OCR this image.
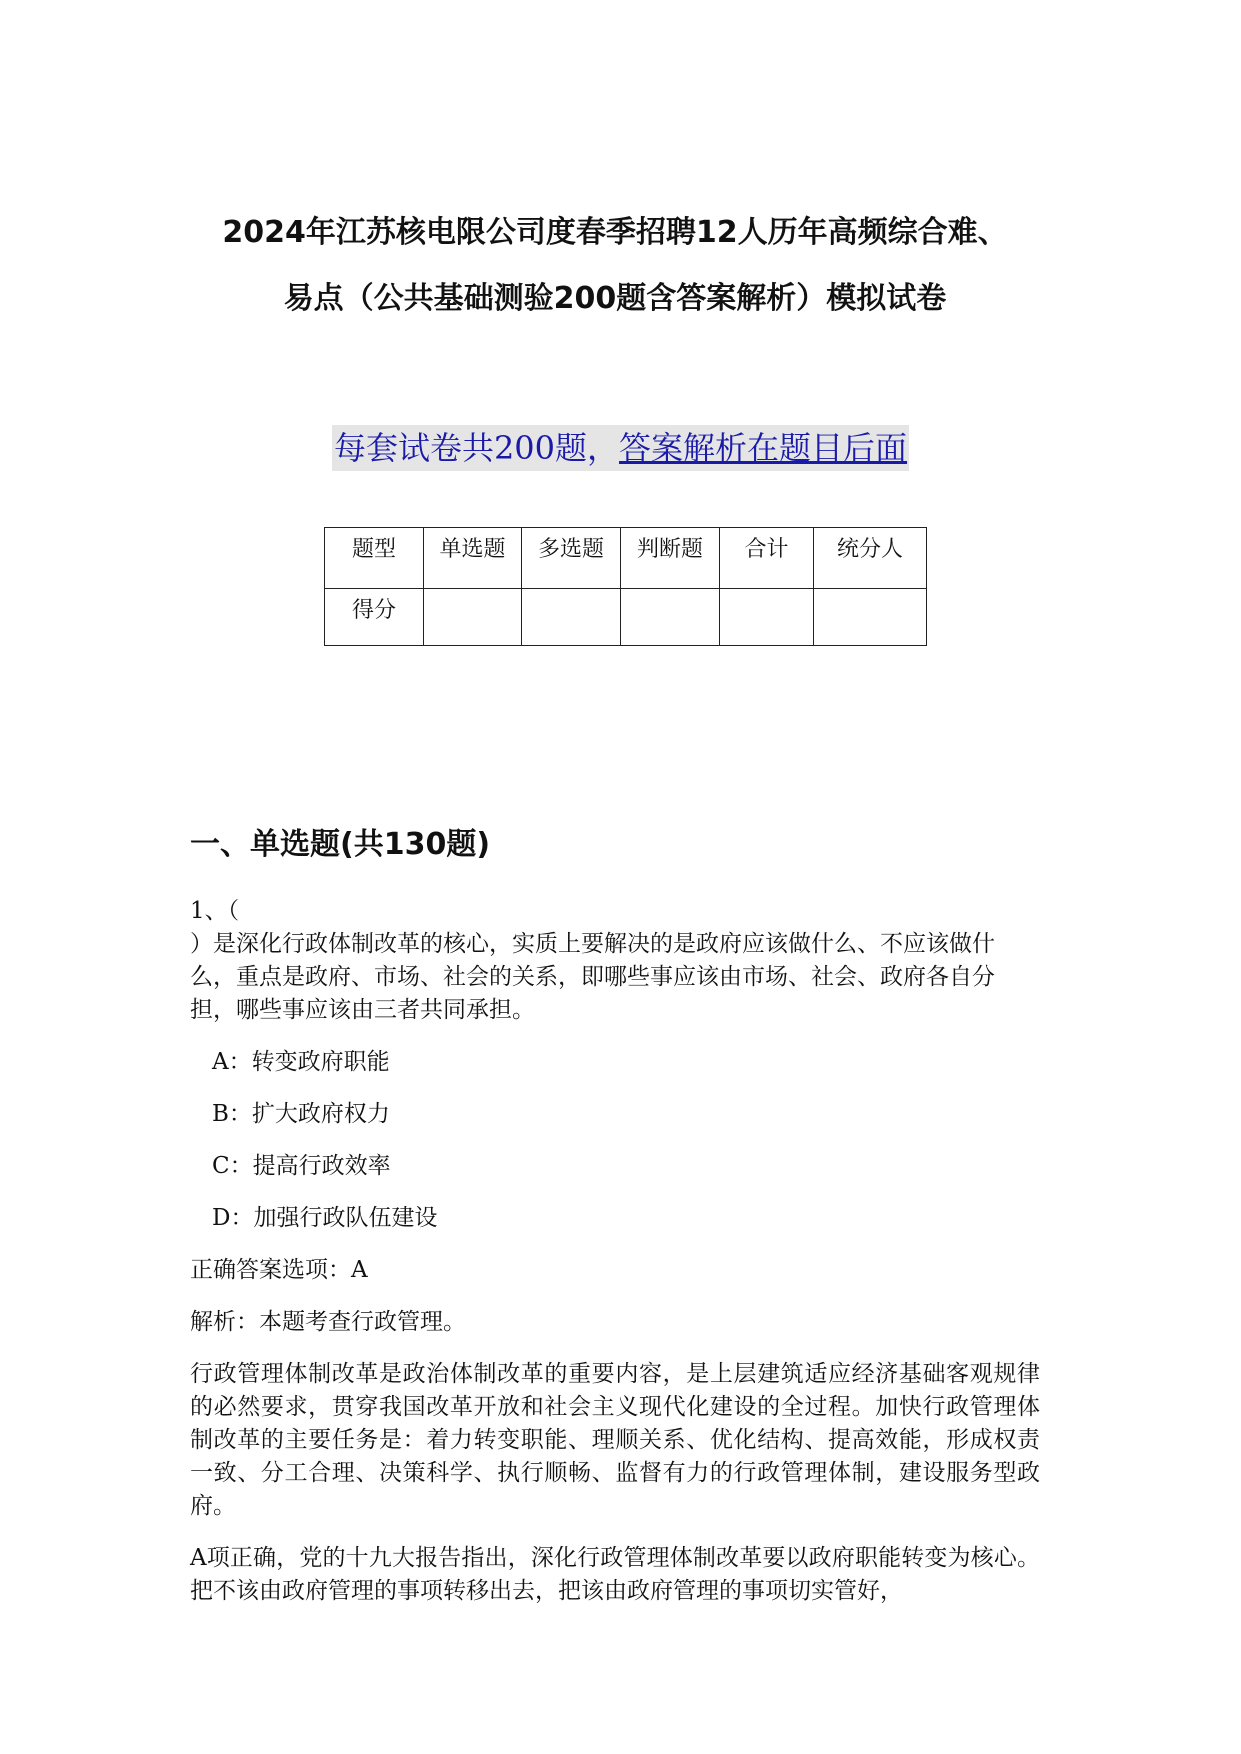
2024年江苏核电限公司度春季招聘12人历年高频综合难、
易点（公共基础测验200题含答案解析）模拟试卷
每套试卷共200题，答案解析在题目后面
题型	单选题	多选题	判断题	合计	统分人
得分					
一、单选题(共130题)

1、（

）是深化行政体制改革的核心，实质上要解决的是政府应该做什么、不应该做什么，重点是政府、市场、社会的关系，即哪些事应该由市场、社会、政府各自分担，哪些事应该由三者共同承担。

A：转变政府职能

B：扩大政府权力

C：提高行政效率

D：加强行政队伍建设

正确答案选项：A

解析：本题考查行政管理。

行政管理体制改革是政治体制改革的重要内容，是上层建筑适应经济基础客观规律的必然要求，贯穿我国改革开放和社会主义现代化建设的全过程。加快行政管理体制改革的主要任务是：着力转变职能、理顺关系、优化结构、提高效能，形成权责一致、分工合理、决策科学、执行顺畅、监督有力的行政管理体制，建设服务型政府。

A项正确，党的十九大报告指出，深化行政管理体制改革要以政府职能转变为核心。把不该由政府管理的事项转移出去，把该由政府管理的事项切实管好，
